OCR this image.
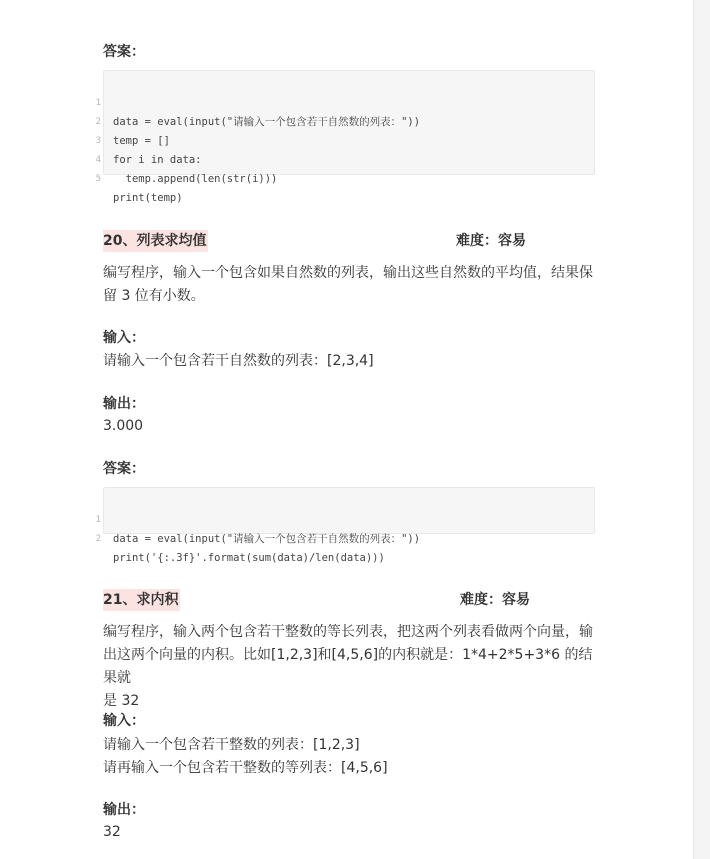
答案：

1

data = eval(input("请输入一个包含若干自然数的列表："))

2

temp = []

3

for i in data:

4

temp.append(len(str(i)))

5

print(temp)

20、列表求均值	难度：容易
编写程序，输入一个包含如果自然数的列表，输出这些自然数的平均值，结果保
留 3 位有小数。
输入：
请输入一个包含若干自然数的列表：[2,3,4]
输出：
3.000
答案：

1

data = eval(input("请输入一个包含若干自然数的列表："))

2

print('{:.3f}'.format(sum(data)/len(data)))

21、求内积	难度：容易
编写程序，输入两个包含若干整数的等长列表，把这两个列表看做两个向量，输
出这两个向量的内积。比如[1,2,3]和[4,5,6]的内积就是：1*4+2*5+3*6 的结果就
是 32
输入：
请输入一个包含若干整数的列表：[1,2,3]
请再输入一个包含若干整数的等列表：[4,5,6]
输出：
32
